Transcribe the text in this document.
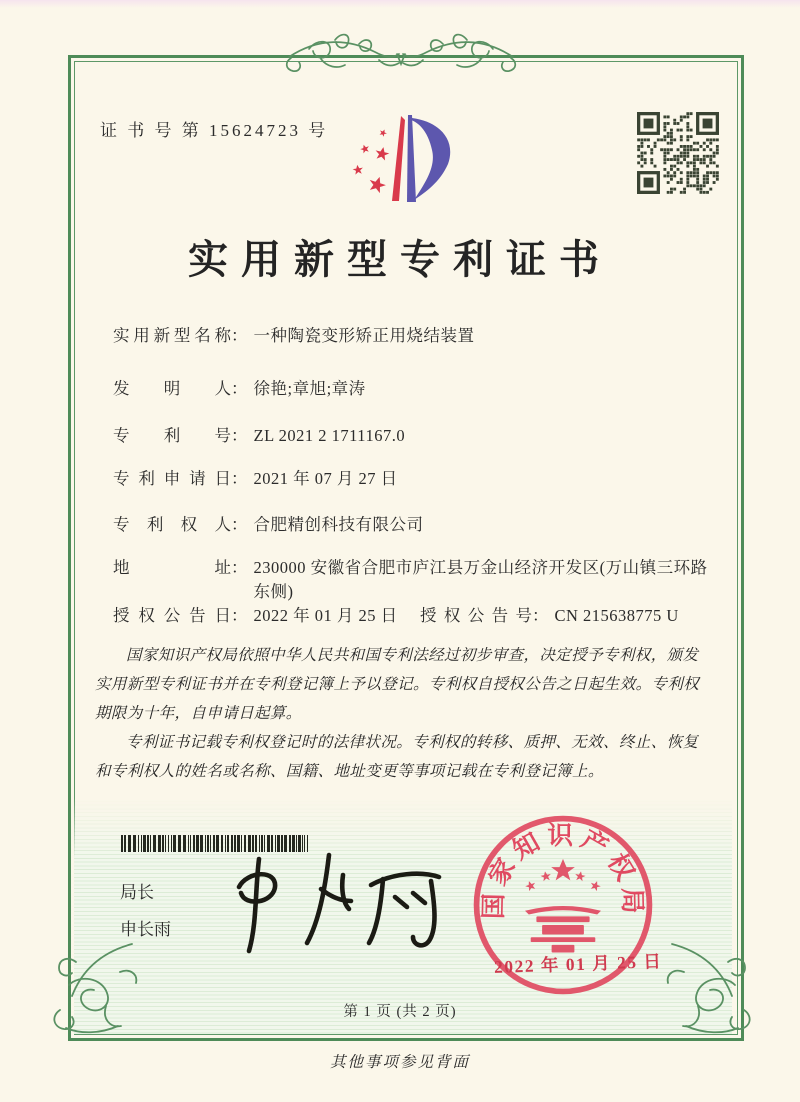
证 书 号 第 15624723 号
实用新型专利证书
实用新型名称： 一种陶瓷变形矫正用烧结装置
发明人： 徐艳;章旭;章涛
专利号： ZL 2021 2 1711167.0
专利申请日： 2021 年 07 月 27 日
专利权人： 合肥精创科技有限公司
地址： 230000 安徽省合肥市庐江县万金山经济开发区(万山镇三环路东侧)
授权公告日： 2022 年 01 月 25 日 授权公告号： CN 215638775 U

国家知识产权局依照中华人民共和国专利法经过初步审查，决定授予专利权，颁发实用新型专利证书并在专利登记簿上予以登记。专利权自授权公告之日起生效。专利权期限为十年，自申请日起算。

专利证书记载专利权登记时的法律状况。专利权的转移、质押、无效、终止、恢复和专利权人的姓名或名称、国籍、地址变更等事项记载在专利登记簿上。

局长
申长雨
国家知识产权局
2022 年 01 月 25 日
第 1 页 (共 2 页)
其他事项参见背面
